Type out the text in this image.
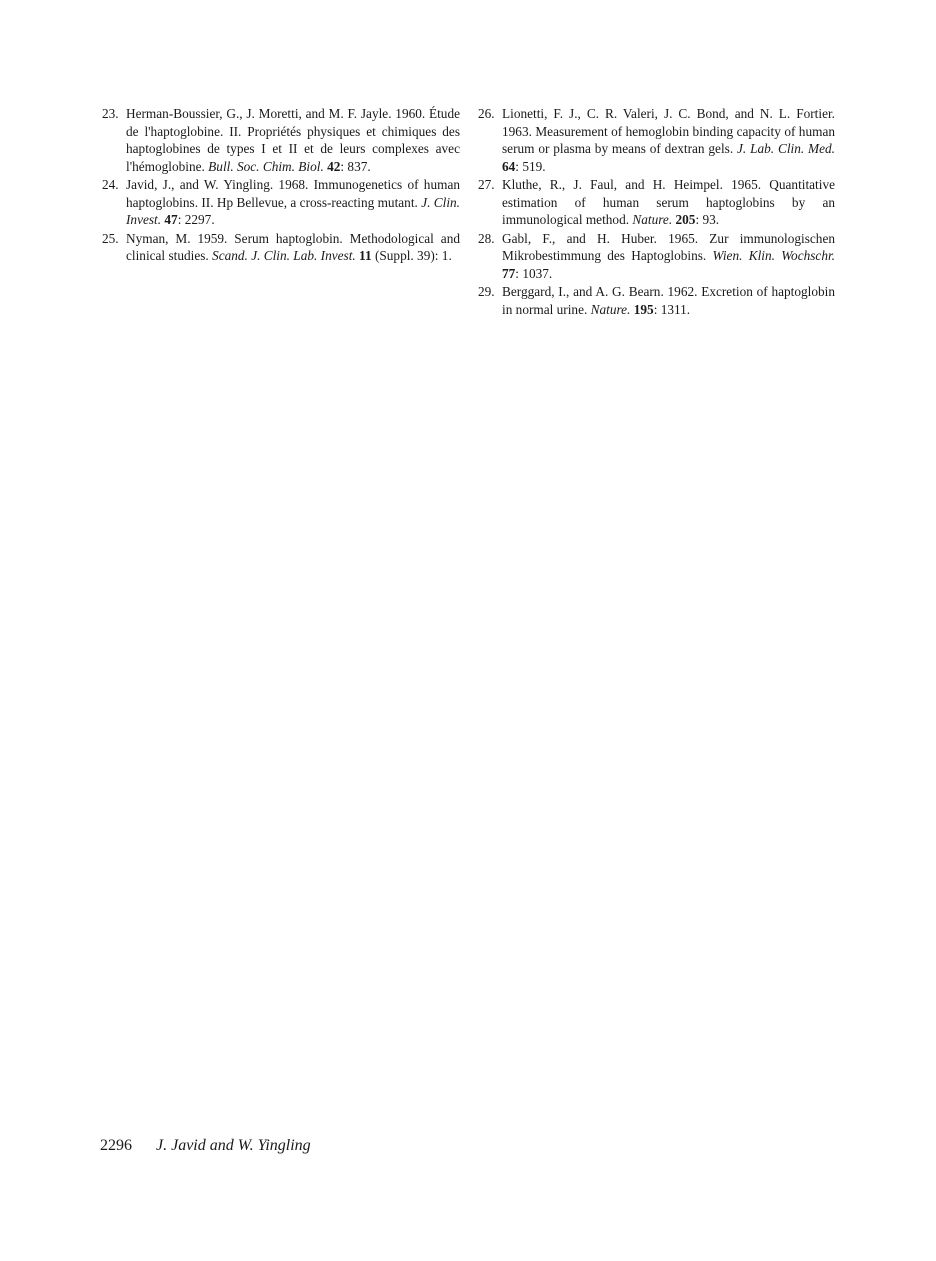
23. Herman-Boussier, G., J. Moretti, and M. F. Jayle. 1960. Étude de l'haptoglobine. II. Propriétés physiques et chimiques des haptoglobines de types I et II et de leurs complexes avec l'hémoglobine. Bull. Soc. Chim. Biol. 42: 837.
24. Javid, J., and W. Yingling. 1968. Immunogenetics of human haptoglobins. II. Hp Bellevue, a cross-reacting mutant. J. Clin. Invest. 47: 2297.
25. Nyman, M. 1959. Serum haptoglobin. Methodological and clinical studies. Scand. J. Clin. Lab. Invest. 11 (Suppl. 39): 1.
26. Lionetti, F. J., C. R. Valeri, J. C. Bond, and N. L. Fortier. 1963. Measurement of hemoglobin binding capacity of human serum or plasma by means of dextran gels. J. Lab. Clin. Med. 64: 519.
27. Kluthe, R., J. Faul, and H. Heimpel. 1965. Quantitative estimation of human serum haptoglobins by an immunological method. Nature. 205: 93.
28. Gabl, F., and H. Huber. 1965. Zur immunologischen Mikrobestimmung des Haptoglobins. Wien. Klin. Wochschr. 77: 1037.
29. Berggard, I., and A. G. Bearn. 1962. Excretion of haptoglobin in normal urine. Nature. 195: 1311.
2296 J. Javid and W. Yingling
